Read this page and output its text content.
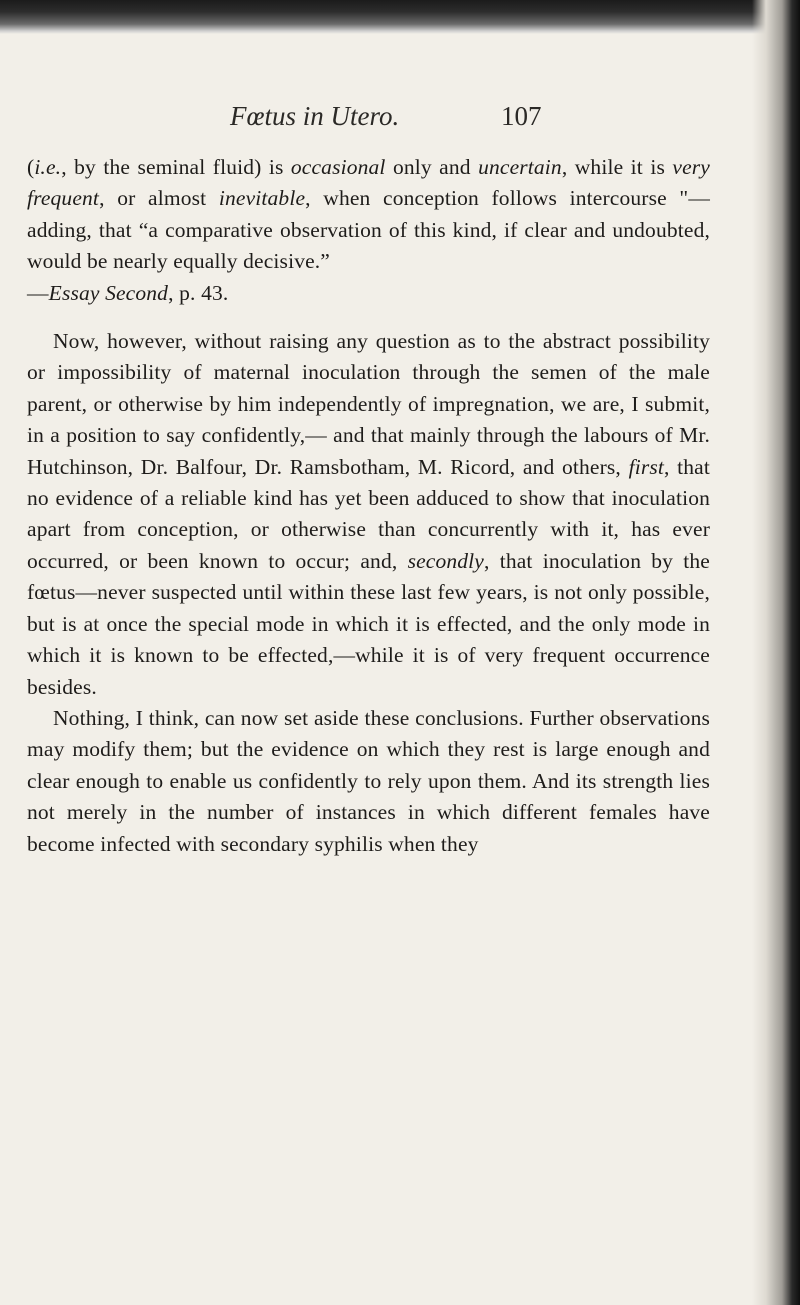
Fœtus in Utero.	107

(i.e., by the seminal fluid) is occasional only and uncertain, while it is very frequent, or almost inevitable, when conception follows intercourse "—adding, that “a comparative observation of this kind, if clear and undoubted, would be nearly equally decisive.”
—Essay Second, p. 43.

Now, however, without raising any question as to the abstract possibility or impossibility of maternal inoculation through the semen of the male parent, or otherwise by him independently of impregnation, we are, I submit, in a position to say confidently,— and that mainly through the labours of Mr. Hutchinson, Dr. Balfour, Dr. Ramsbotham, M. Ricord, and others, first, that no evidence of a reliable kind has yet been adduced to show that inoculation apart from conception, or otherwise than concurrently with it, has ever occurred, or been known to occur; and, secondly, that inoculation by the fœtus—never suspected until within these last few years, is not only possible, but is at once the special mode in which it is effected, and the only mode in which it is known to be effected,—while it is of very frequent occurrence besides.

Nothing, I think, can now set aside these conclusions. Further observations may modify them; but the evidence on which they rest is large enough and clear enough to enable us confidently to rely upon them. And its strength lies not merely in the number of instances in which different females have become infected with secondary syphilis when they
